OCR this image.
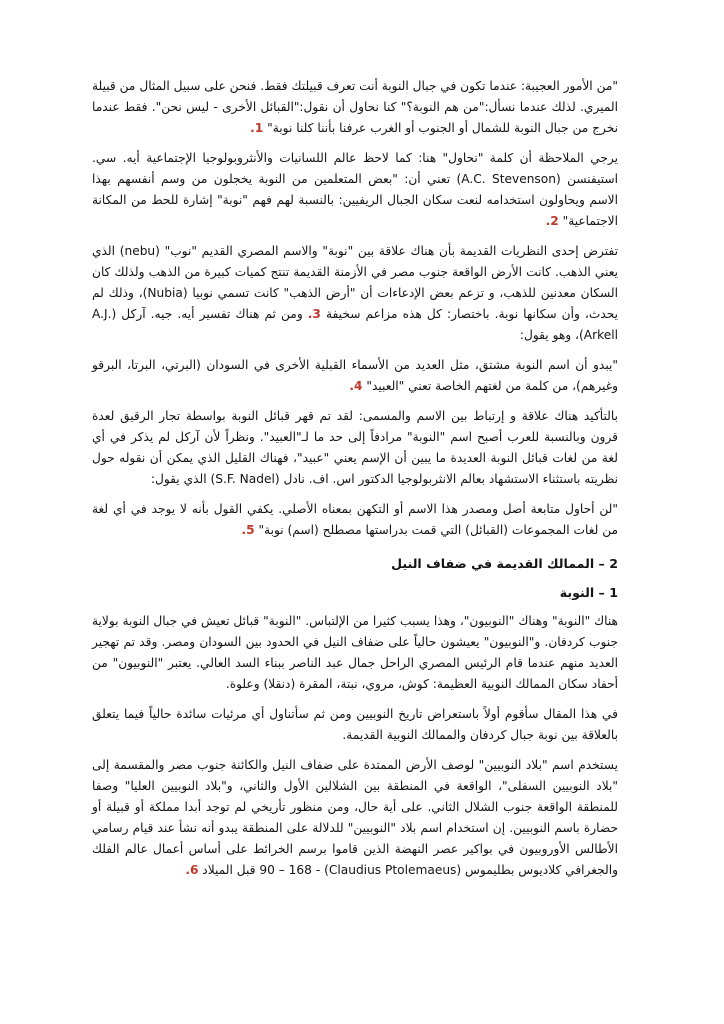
"من الأمور العجيبة: عندما تكون في جبال النوبة أنت تعرف قبيلتك فقط. فنحن على سبيل المثال من قبيلة الميري. لذلك عندما نسأل:"من هم النوبة؟" كنا نحاول أن نقول:"القبائل الأخرى - ليس نحن". فقط عندما نخرج من جبال النوبة للشمال أو الجنوب أو الغرب عرفنا بأننا كلنا نوبة" 1.

يرجي الملاحظة أن كلمة "نحاول" هنا: كما لاحظ عالم اللسانيات والأنثروبولوجيا الإجتماعية أيه. سي. استيفنسن (A.C. Stevenson) تعني أن: "بعض المتعلمين من النوبة يخجلون من وسم أنفسهم بهذا الاسم ويحاولون استخدامه لنعت سكان الجبال الريفيين: بالنسبة لهم فهم "نوبة" إشارة للحط من المكانة الاجتماعية" 2.

تفترض إحدى النظريات القديمة بأن هناك علاقة بين "نوبة" والاسم المصري القديم "نوب" (nebu) الذي يعني الذهب. كانت الأرض الواقعة جنوب مصر في الأزمنة القديمة تنتج كميات كبيرة من الذهب ولذلك كان السكان معدنين للذهب، و تزعم بعض الإدعاءات أن "أرض الذهب" كانت تسمي نوبيا (Nubia)، وذلك لم يحدث، وأن سكانها نوبة. باختصار: كل هذه مزاعم سخيفة 3. ومن ثم هناك تفسير أيه. جيه. آركل (A.J. Arkell)، وهو يقول:

"يبدو أن اسم النوبة مشتق، مثل العديد من الأسماء القبلية الأخرى في السودان (البرتي، البرتا، البرقو وغيرهم)، من كلمة من لغتهم الخاصة تعني "العبيد" 4.

بالتأكيد هناك علاقة و إرتباط بين الاسم والمسمى: لقد تم قهر قبائل النوبة بواسطة تجار الرقيق لعدة قرون وبالنسبة للعرب أصبح اسم "النوبة" مرادفاً إلى حد ما لـ"العبيد". ونظراً لأن آركل لم يذكر في أي لغة من لغات قبائل النوبة العديدة ما يبين أن الإسم يعني "عبيد"، فهناك القليل الذي يمكن أن نقوله حول نظريته باستثناء الاستشهاد بعالم الانثربولوجيا الدكتور اس. اف. نادل (S.F. Nadel) الذي يقول:

"لن أحاول متابعة أصل ومصدر هذا الاسم أو التكهن بمعناه الأصلي. يكفي القول بأنه لا يوجد في أي لغة من لغات المجموعات (القبائل) التي قمت بدراستها مصطلح (اسم) نوبة" 5.

2 – الممالك القديمة في ضفاف النيل
1 – النوبة

هناك "النوبة" وهناك "النوبيون"، وهذا يسبب كثيرا من الإلتباس. "النوبة" قبائل تعيش في جبال النوبة بولاية جنوب كردفان. و"النوبيون" يعيشون حالياً على ضفاف النيل في الحدود بين السودان ومصر. وقد تم تهجير العديد منهم عندما قام الرئيس المصري الراحل جمال عبد الناصر ببناء السد العالي. يعتبر "النوبيون" من أحفاد سكان الممالك النوبية العظيمة: كوش، مروي، نبتة، المقرة (دنقلا) وعلوة.

في هذا المقال سأقوم أولاً باستعراض تاريخ النوبيين ومن ثم سأتناول أي مرئيات سائدة حالياً فيما يتعلق بالعلاقة بين نوبة جبال كردفان والممالك النوبية القديمة.

يستخدم اسم "بلاد النوبيين" لوصف الأرض الممتدة على ضفاف النيل والكائنة جنوب مصر والمقسمة إلى "بلاد النوبيين السفلى"، الواقعة في المنطقة بين الشلالين الأول والثاني، و"بلاد النوبيين العليا" وصفا للمنطقة الواقعة جنوب الشلال الثاني. على أية حال، ومن منظور تأريخي لم توجد أبدا مملكة أو قبيلة أو حضارة باسم النوبيين. إن استخدام اسم بلاد "النوبيين" للدلالة على المنطقة يبدو أنه نشأ عند قيام رسامي الأطالس الأوروبيون في بواكير عصر النهضة الذين قاموا برسم الخرائط على أساس أعمال عالم الفلك والجغرافي كلاديوس بطليموس (Claudius Ptolemaeus) - 90 – 168 قبل الميلاد 6.
